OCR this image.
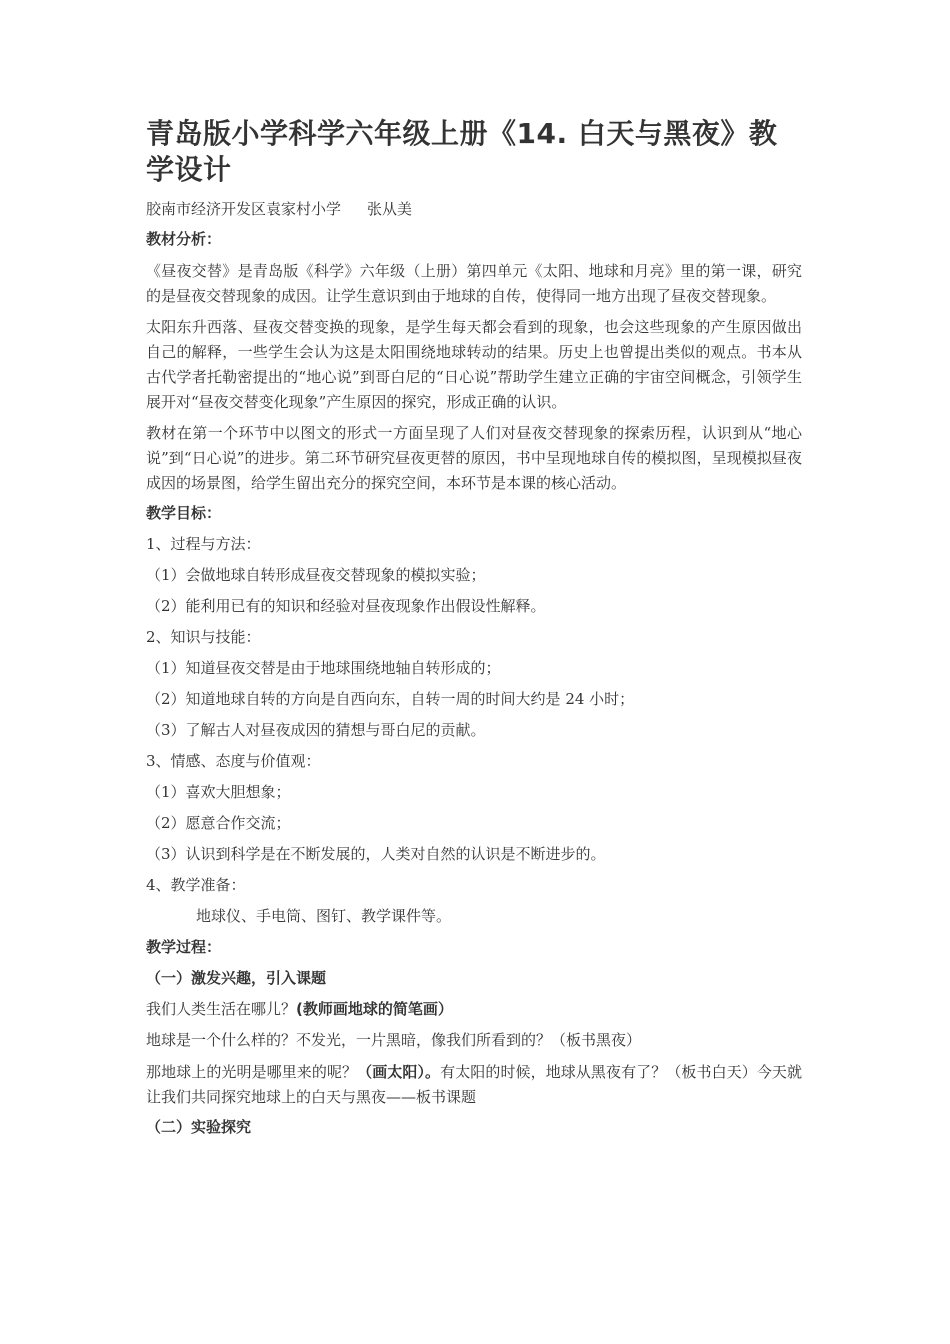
青岛版小学科学六年级上册《14. 白天与黑夜》教学设计

胶南市经济开发区袁家村小学 张从美

教材分析：

《昼夜交替》是青岛版《科学》六年级（上册）第四单元《太阳、地球和月亮》里的第一课，研究的是昼夜交替现象的成因。让学生意识到由于地球的自传，使得同一地方出现了昼夜交替现象。

太阳东升西落、昼夜交替变换的现象，是学生每天都会看到的现象，也会这些现象的产生原因做出自己的解释，一些学生会认为这是太阳围绕地球转动的结果。历史上也曾提出类似的观点。书本从古代学者托勒密提出的“地心说”到哥白尼的“日心说”帮助学生建立正确的宇宙空间概念，引领学生展开对“昼夜交替变化现象”产生原因的探究，形成正确的认识。

教材在第一个环节中以图文的形式一方面呈现了人们对昼夜交替现象的探索历程，认识到从“地心说”到“日心说”的进步。第二环节研究昼夜更替的原因，书中呈现地球自传的模拟图，呈现模拟昼夜成因的场景图，给学生留出充分的探究空间，本环节是本课的核心活动。

教学目标：

1、过程与方法：

（1）会做地球自转形成昼夜交替现象的模拟实验；

（2）能利用已有的知识和经验对昼夜现象作出假设性解释。

2、知识与技能：

（1）知道昼夜交替是由于地球围绕地轴自转形成的；

（2）知道地球自转的方向是自西向东，自转一周的时间大约是 24 小时；

（3）了解古人对昼夜成因的猜想与哥白尼的贡献。

3、情感、态度与价值观：

（1）喜欢大胆想象；

（2）愿意合作交流；

（3）认识到科学是在不断发展的，人类对自然的认识是不断进步的。

4、教学准备：

地球仪、手电筒、图钉、教学课件等。

教学过程：

（一）激发兴趣，引入课题

我们人类生活在哪儿？(教师画地球的简笔画）

地球是一个什么样的？不发光，一片黑暗，像我们所看到的？（板书黑夜）

那地球上的光明是哪里来的呢？（画太阳）。有太阳的时候，地球从黑夜有了？（板书白天）今天就让我们共同探究地球上的白天与黑夜——板书课题

（二）实验探究
